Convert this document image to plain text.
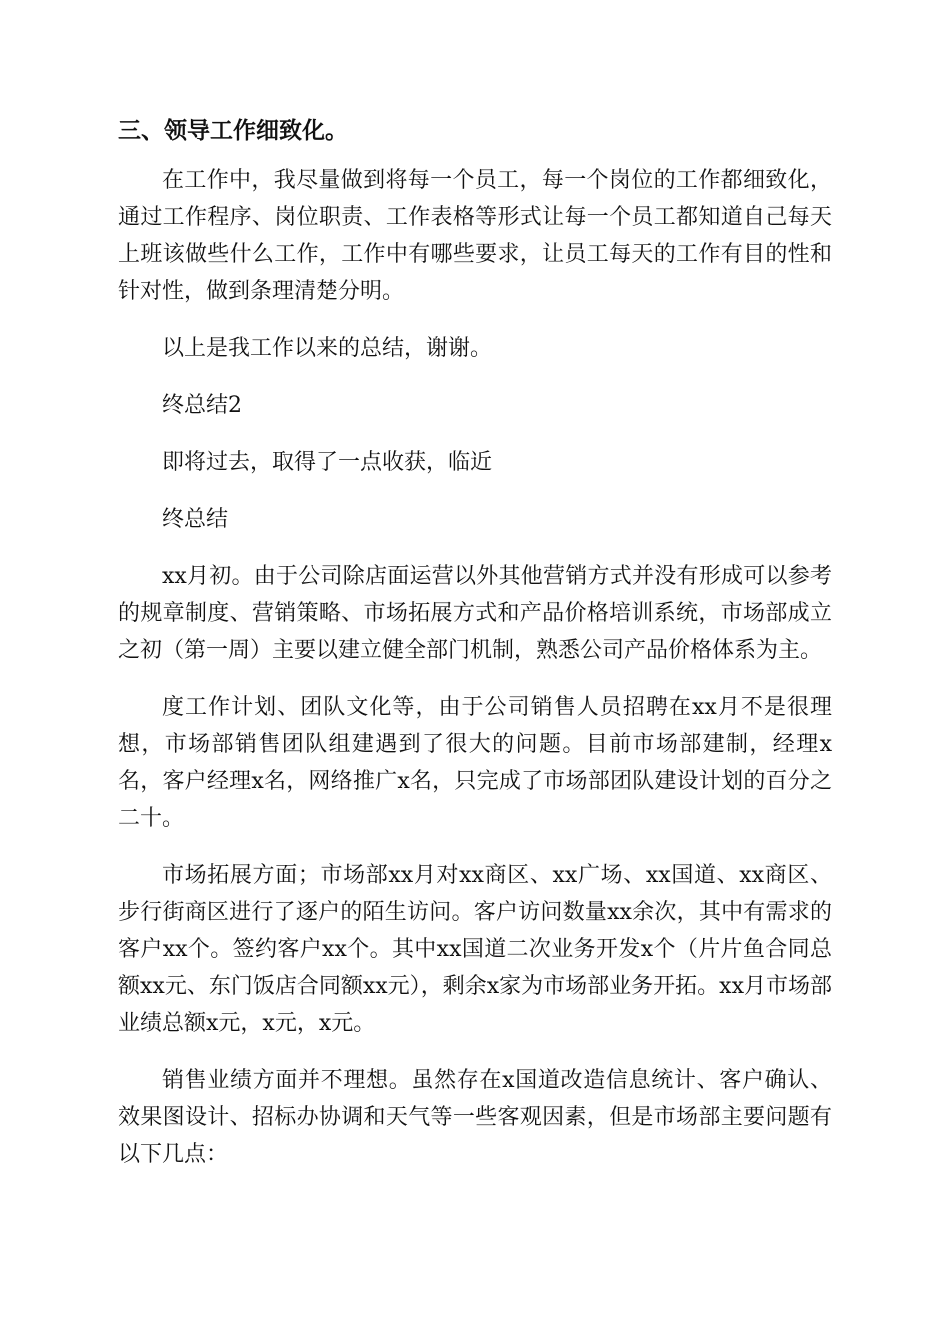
三、领导工作细致化。

在工作中，我尽量做到将每一个员工，每一个岗位的工作都细致化，通过工作程序、岗位职责、工作表格等形式让每一个员工都知道自己每天上班该做些什么工作，工作中有哪些要求，让员工每天的工作有目的性和针对性，做到条理清楚分明。

以上是我工作以来的总结，谢谢。

终总结2

即将过去，取得了一点收获，临近

终总结

xx月初。由于公司除店面运营以外其他营销方式并没有形成可以参考的规章制度、营销策略、市场拓展方式和产品价格培训系统，市场部成立之初（第一周）主要以建立健全部门机制，熟悉公司产品价格体系为主。

度工作计划、团队文化等，由于公司销售人员招聘在xx月不是很理想，市场部销售团队组建遇到了很大的问题。目前市场部建制，经理x名，客户经理x名，网络推广x名，只完成了市场部团队建设计划的百分之二十。

市场拓展方面；市场部xx月对xx商区、xx广场、xx国道、xx商区、步行街商区进行了逐户的陌生访问。客户访问数量xx余次，其中有需求的客户xx个。签约客户xx个。其中xx国道二次业务开发x个（片片鱼合同总额xx元、东门饭店合同额xx元），剩余x家为市场部业务开拓。xx月市场部业绩总额x元，x元，x元。

销售业绩方面并不理想。虽然存在x国道改造信息统计、客户确认、效果图设计、招标办协调和天气等一些客观因素，但是市场部主要问题有以下几点：
